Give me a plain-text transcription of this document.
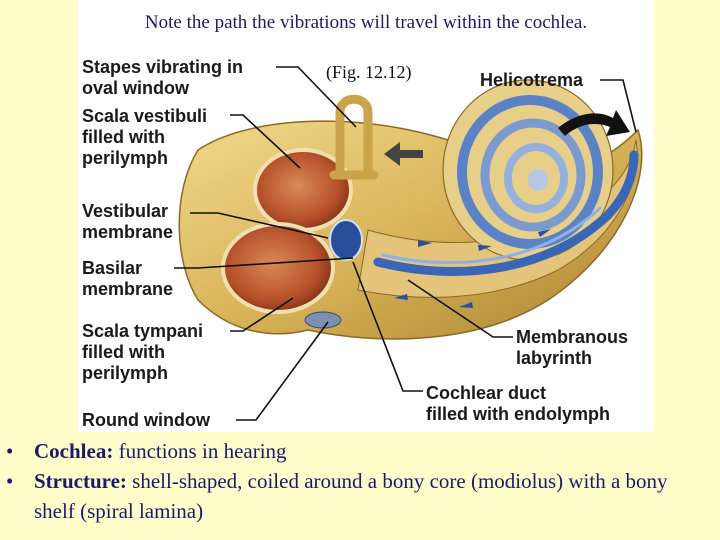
Note the path the vibrations will travel within the cochlea.
(Fig. 12.12)
Stapes vibrating in
oval window
Scala vestibuli
filled with
perilymph
Vestibular
membrane
Basilar
membrane
Scala tympani
filled with
perilymph
Round window
Helicotrema
Membranous
labyrinth
Cochlear duct
filled with endolymph
• Cochlea: functions in hearing
• Structure: shell-shaped, coiled around a bony core (modiolus) with a bony shelf (spiral lamina)
